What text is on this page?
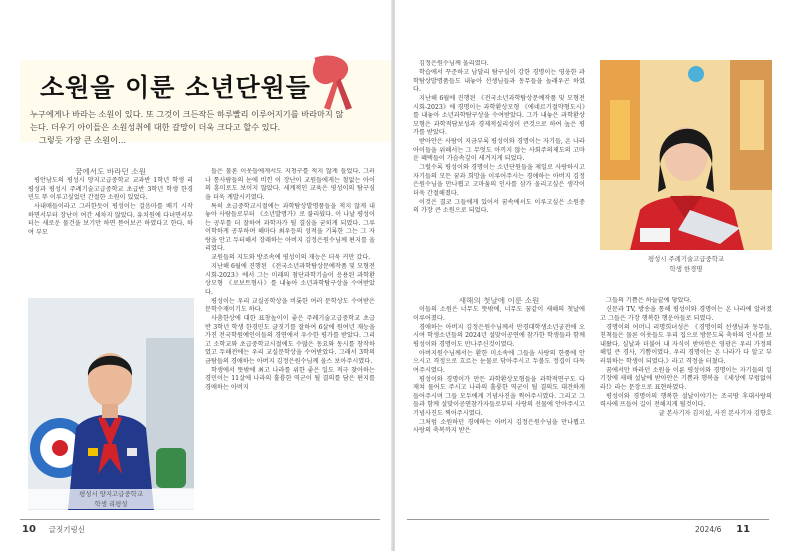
소원을 이룬 소년단원들

누구에게나 바라는 소원이 있다. 또 그것이 크든작든 하루빨리 이루어지기를 바라마지 않

는다. 더우기 아이들은 소원성취에 대한 갈망이 더욱 크다고 할수 있다.

그렇듯 가장 큰 소원이…

꿈에서도 바라던 소원

평안남도의 평성시 양지고급중학교 교과반 1학년 학생 리평성과 평성시 주례기술고급중학교 초급반 3학년 학생 한경민도 뚜 이루고싶었던 간절한 소원이 있었다.

사내애들이라고 그러한듯이 평성이는 걸음마를 배기 시작하면서부터 장난이 여간 세차지 않았다. 유치원에 다녀면서부터는 새로운 물건을 보기만 하면 뜯어보곤 하였다고 한다. 하여 부모

평성시 양지고급중학교
학생 리평성

들은 물론 이웃들에게서도 지청구를 적지 않게 들었다. 그러나 통사람들의 눈에 비낀 이 장난이 교원들에게는 철없는 아이의 흥미로도 보이지 않았다. 세계적인 교육은 평성이의 탐구심을 더욱 계발시키였다.

특히 초급중학교시절에는 과학탐상발명품들을 적지 않게 내놓아 사람들로부터 《소년발명가》로 불리웠다. 이 나날 평성이는 공부를 더 잘하여 과학자가 될 결심을 굳히게 되였다. 그루 이학하게 공부하며 해마다 최우등의 성적을 기록한 그는 그 자랑을 안고 두터해서 장래하는 아버지 김정은원수님께 편지를 올리였다.

교원들의 지도와 방조속에 평성이의 재능은 더욱 커만 갔다.

지난해 6월에 진행된 《전국소년과학탐상문예작품 및 모형전시회-2023》에서 그는 미래의 첨단과학기술이 응용된 과학환상모형 《로보트형사》를 내놓아 소년과학탐구상을 수여받았다.

평성이는 우리 교실공학상을 비롯한 여러 문학상도 수여받은 문학수재이기도 하다.

사춤한상에 대한 표창높이이 좋은 주례기술고급중학교 초급반 3학년 학생 한경민도 글짓기를 잘하여 6살에 원여년 재능을 가진 전국학원예인이들의 경연에서 우수한 평가를 받았다. 그리고 소학교와 초급중학교시절에도 수많은 동요와 동시를 창작하였고 두해전에는 우리 교실문학상을 수여받았다. 그래서 3학의 금탐들의 경애하는 아버지 김정은원수님께 올스 보아주시였다.

학생에서 뜻밖에 최고 나라를 위한 좋은 일도 적극 찾아하는 경민이는 11살에 나라의 훌륭한 역군이 될 결의를 담은 편지를 경애하는 아버지

10 글짓기링신

김정은원수님께 올리였다.

학습에서 꾸준하고 남달리 탐구심이 강한 경명이는 영웅한 과학탐상발명품들도 내놓아 선생님들과 동무들을 놀래우곤 하였다.

지난해 6월에 진행된 《전국소년과학탐상문예작품 및 모형전시회-2023》에 경명이는 과학환상모형 《에네르기절약형도시》를 내놓아 소년과학탐구상을 수여받았다. 그가 내놓은 과학환상모형은 과학적담보성과 경제적실리성이 큰것으로 하여 높은 평가를 받았다.

받아안은 사람이 지금부록 평성이와 경명이는 자기들, 온 나라 아이들을 위해서는 그 무엇도 아끼지 않는 사회주의제도의 고마운 혜택들이 가슴속깊이 새겨지게 되었다.

그럴수록 평성이와 경명이는 소년단원들을 제일로 사랑하시고 자기들의 모든 꿈과 희망을 이루어주시는 경애하는 아버지 김정은원수님을 만나뵙고 고마움의 인사를 삼가 올리고싶은 생각이 더욱 간절해졌다.

이것은 결코 그들에게 있어서 꿈속에서도 이루고싶은 소원중의 가장 큰 소원으로 되었다.

평성시 주례기술고급중학교
학생 한경명

새해의 첫날에 이룬 소원

이들의 소원은 너무도 뜻밖에, 너무도 꿈같이 새해의 첫날에 이루어졌다.

경애하는 아버지 김정은원수님께서 만경대학생소년궁전에 오시여 학생소년들의 2024년 설맞이공연에 참가한 학생들과 함께 평성이와 경명이도 만나주신것이였다.

아버지원수님께서는 환한 미소속에 그들을 사랑의 한품에 안으시고 격정으로 흐르는 눈물로 닦아주시고 두볼도 정겹이 다독여주시였다.

평성이와 경명이가 만든 과학환상모형들을 과학적연구도 다 제쳐 물어도 주시고 나라의 훌륭한 역군이 될 결의도 대견하게 들어주시며 그들 모두에게 기념사진을 찍어주시였다. 그리고 그들과 함께 설맞이공연참가자들로부터 사랑의 선물에 안아주시고 기념사진도 찍어주시였다.

그처럼 소원하던 경애하는 아버지 김정은원수님을 만나뵙고 사랑의 축복까지 받은

그들의 기쁨은 하늘끝에 닿았다.

신문과 TV, 방송을 통해 평성이와 경명이는 온 나라에 알려졌고 그들은 가장 행복한 행운아들로 되였다.

경명이의 어머니 리명희녀성은 《경명이의 선생님과 동무들, 친척들은 물론 이웃들도 우리 집으로 방문도록 축하의 인사를 보내왔다. 실날과 더불어 내 자식이 받아안은 영광은 우리 가정의 해일 큰 경사, 기쁨이였다. 우리 경명이는 온 나라가 다 알고 부러워하는 학생이 되였다.》라고 격정을 터쳤다.

꿈에서만 바라던 소원을 이룬 평성이와 경명이는 자기들의 일기장에 새해 설날에 받아안은 기쁨과 행복을 《세상에 부럼없어라!》라는 문장으로 표현하였다.

평성이와 경명이의 행복한 설날이야기는 조국땅 후대사랑의 력사에 뜨들어 길이 전해지게 될것이다.

글 본사기자 김지설, 사진 본사기자 김향호

2024/6 11
